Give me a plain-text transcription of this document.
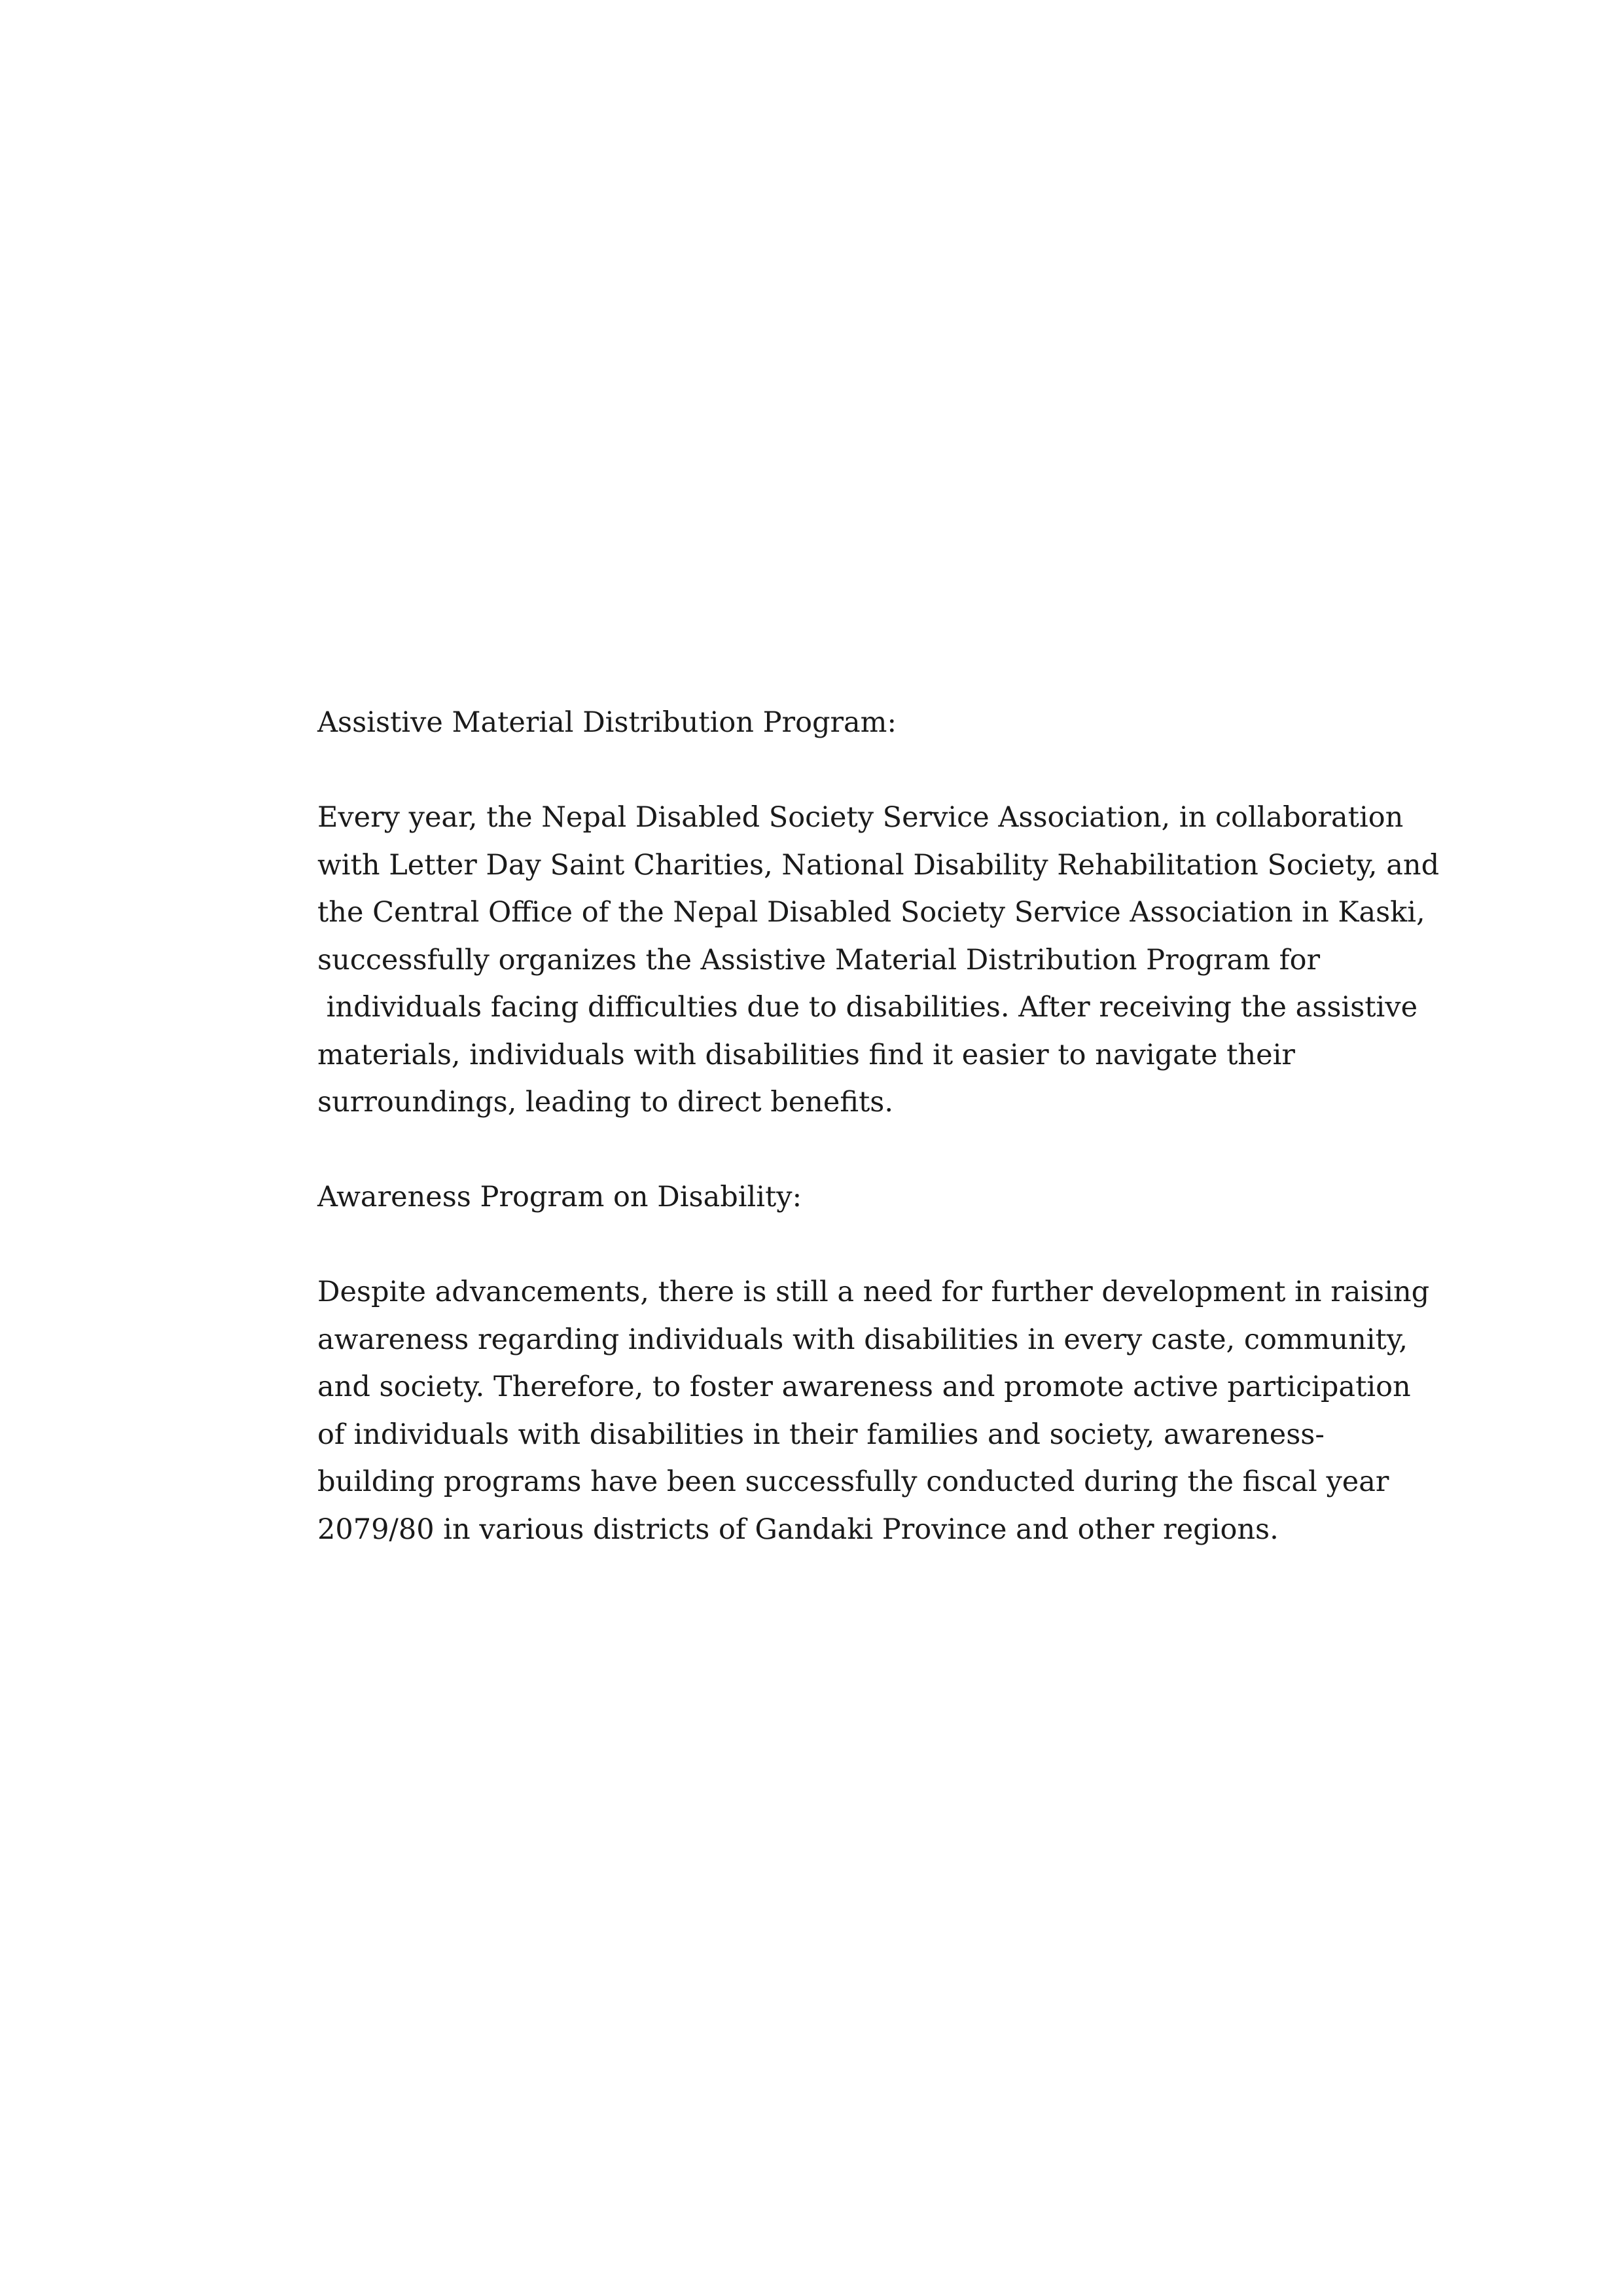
Assistive Material Distribution Program:
Every year, the Nepal Disabled Society Service Association, in collaboration
with Letter Day Saint Charities, National Disability Rehabilitation Society, and
the Central Office of the Nepal Disabled Society Service Association in Kaski,
successfully organizes the Assistive Material Distribution Program for
individuals facing difficulties due to disabilities. After receiving the assistive
materials, individuals with disabilities find it easier to navigate their
surroundings, leading to direct benefits.
Awareness Program on Disability:
Despite advancements, there is still a need for further development in raising
awareness regarding individuals with disabilities in every caste, community,
and society. Therefore, to foster awareness and promote active participation
of individuals with disabilities in their families and society, awareness-
building programs have been successfully conducted during the fiscal year
2079/80 in various districts of Gandaki Province and other regions.
